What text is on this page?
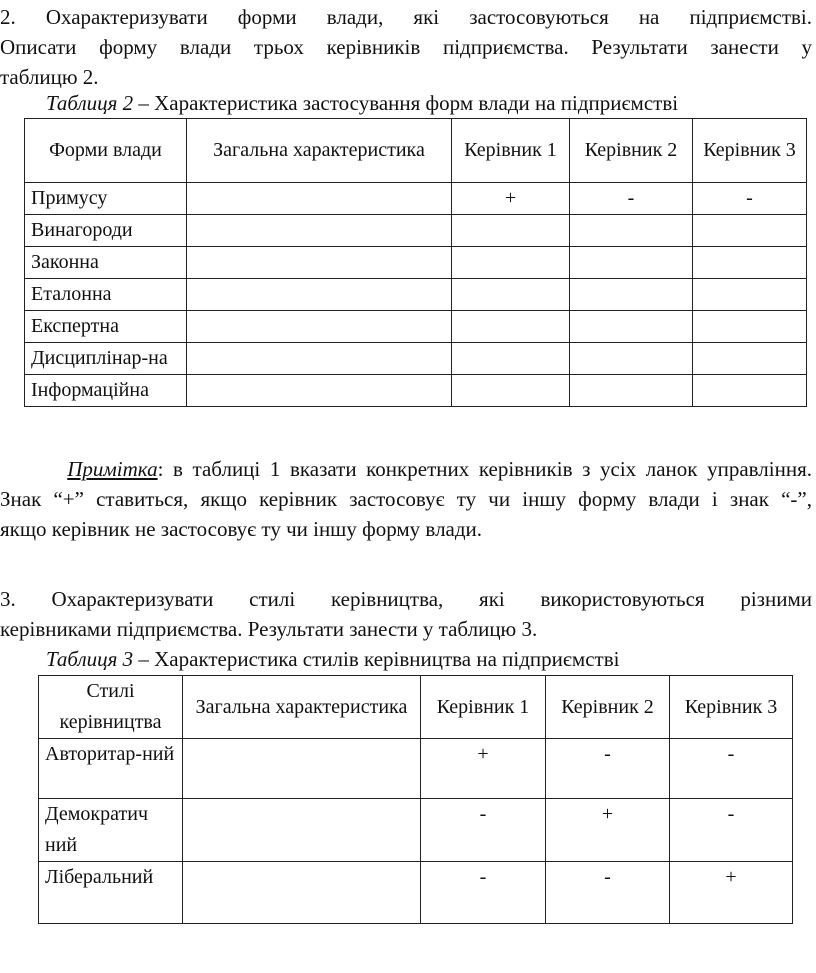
2. Охарактеризувати форми влади, які застосовуються на підприємстві.
Описати форму влади трьох керівників підприємства. Результати занести у
таблицю 2.
Таблиця 2 – Характеристика застосування форм влади на підприємстві
Форми влади	Загальна характеристика	Керівник 1	Керівник 2	Керівник 3
Примусу		+	-	-
Винагороди				
Законна				
Еталонна				
Експертна				
Дисциплінар-на				
Інформаційна				
Примітка: в таблиці 1 вказати конкретних керівників з усіх ланок управління.
Знак “+” ставиться, якщо керівник застосовує ту чи іншу форму влади і знак “-”,
якщо керівник не застосовує ту чи іншу форму влади.
3. Охарактеризувати стилі керівництва, які використовуються різними
керівниками підприємства. Результати занести у таблицю 3.
Таблиця 3 – Характеристика стилів керівництва на підприємстві
Стилі керівництва	Загальна характеристика	Керівник 1	Керівник 2	Керівник 3
Авторитар-ний		+	-	-
Демократич ний		-	+	-
Ліберальний		-	-	+
